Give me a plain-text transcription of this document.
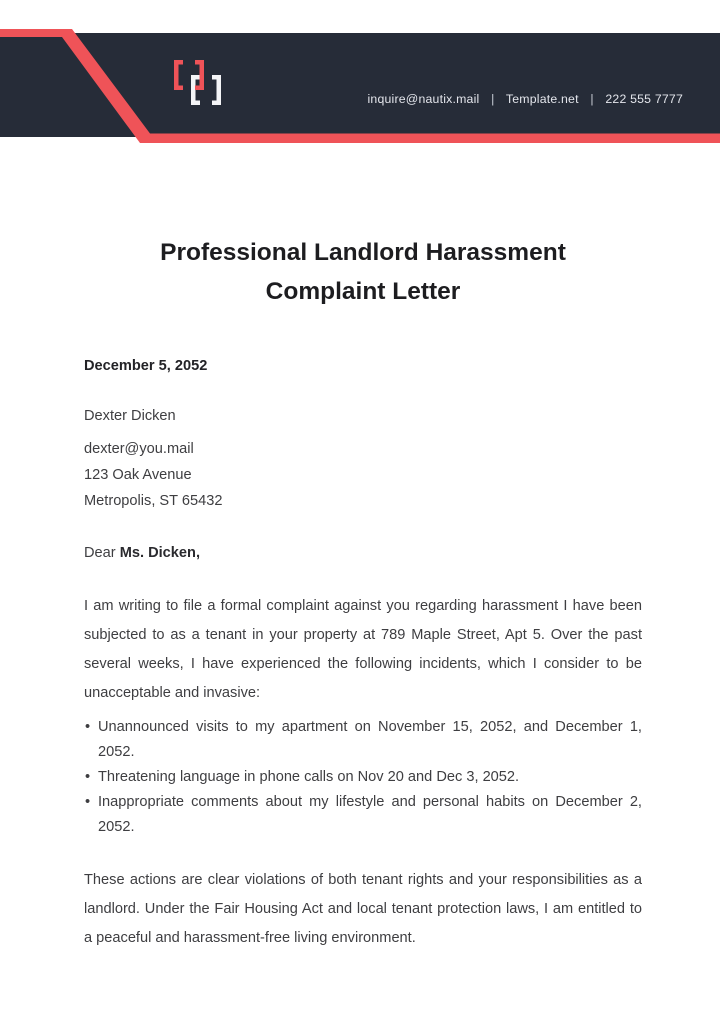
inquire@nautix.mail | Template.net | 222 555 7777
Professional Landlord Harassment
Complaint Letter

December 5, 2052

Dexter Dicken

dexter@you.mail

123 Oak Avenue

Metropolis, ST 65432

Dear Ms. Dicken,

I am writing to file a formal complaint against you regarding harassment I have been subjected to as a tenant in your property at 789 Maple Street, Apt 5. Over the past several weeks, I have experienced the following incidents, which I consider to be unacceptable and invasive:

• Unannounced visits to my apartment on November 15, 2052, and December 1, 2052.
• Threatening language in phone calls on Nov 20 and Dec 3, 2052.
• Inappropriate comments about my lifestyle and personal habits on December 2, 2052.

These actions are clear violations of both tenant rights and your responsibilities as a landlord. Under the Fair Housing Act and local tenant protection laws, I am entitled to a peaceful and harassment-free living environment.
